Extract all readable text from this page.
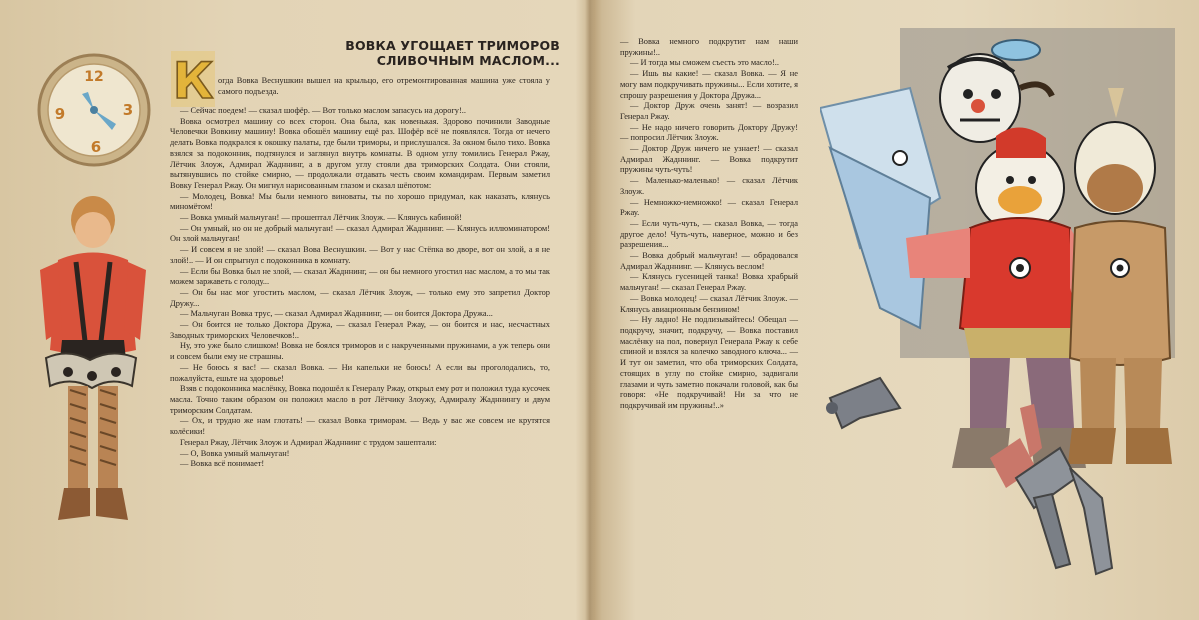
12
3
6
9
К
ВОВКА УГОЩАЕТ ТРИМОРОВ
СЛИВОЧНЫМ МАСЛОМ...
огда Вовка Веснушкин вышел на крыльцо, его отремонтированная машина уже стояла у самого подъезда.

— Сейчас поедем! — сказал шофёр. — Вот только маслом запасусь на дорогу!..

Вовка осмотрел машину со всех сторон. Она была, как новенькая. Здорово починили Заводные Человечки Вовкину машину! Вовка обошёл машину ещё раз. Шофёр всё не появлялся. Тогда от нечего делать Вовка подкрался к окошку палаты, где были триморы, и прислушался. За окном было тихо. Вовка взялся за подоконник, подтянулся и заглянул внутрь комнаты. В одном углу томились Генерал Ржау, Лётчик Злоуж, Адмирал Жадннинг, а в другом углу стояли два триморских Солдата. Они стояли, вытянувшись по стойке смирно, — продолжали отдавать честь своим командирам. Первым заметил Вовку Генерал Ржау. Он мигнул нарисованным глазом и сказал шёпотом:

— Молодец, Вовка! Мы были немного виноваты, ты по хорошо придумал, как наказать, клянусь миномётом!

— Вовка умный мальчуган! — прошептал Лётчик Злоуж. — Клянусь кабиной!

— Он умный, но он не добрый мальчуган! — сказал Адмирал Жадннинг. — Клянусь иллюминатором! Он злой мальчуган!

— И совсем я не злой! — сказал Вова Веснушкин. — Вот у нас Стёпка во дворе, вот он злой, а я не злой!.. — И он спрыгнул с подоконника в комнату.

— Если бы Вовка был не злой, — сказал Жадннинг, — он бы немного угостил нас маслом, а то мы так можем заржаветь с голоду...

— Он бы нас мог угостить маслом, — сказал Лётчик Злоуж, — только ему это запретил Доктор Дружу...

— Мальчуган Вовка трус, — сказал Адмирал Жадннинг, — он боится Доктора Дружа...

— Он боится не только Доктора Дружа, — сказал Генерал Ржау, — он боится и нас, несчастных Заводных триморских Человечков!..

Ну, это уже было слишком! Вовка не боялся триморов и с накрученными пружинами, а уж теперь они и совсем были ему не страшны.

— Не боюсь я вас! — сказал Вовка. — Ни капельки не боюсь! А если вы проголодались, то, пожалуйста, ешьте на здоровье!

Взяв с подоконника маслёнку, Вовка подошёл к Генералу Ржау, открыл ему рот и положил туда кусочек масла. Точно таким образом он положил масло в рот Лётчику Злоужу, Адмиралу Жадннингу и двум триморским Солдатам.

— Ох, и трудно же нам глотать! — сказал Вовка триморам. — Ведь у вас же совсем не крутятся колёсики!

Генерал Ржау, Лётчик Злоуж и Адмирал Жадннинг с трудом зашептали:

— О, Вовка умный мальчуган!

— Вовка всё понимает!

— Вовка немного подкрутит нам наши пружины!..

— И тогда мы сможем съесть это масло!..

— Ишь вы какие! — сказал Вовка. — Я не могу вам подкручивать пружины... Если хотите, я спрошу разрешения у Доктора Дружа...

— Доктор Друж очень занят! — возразил Генерал Ржау.

— Не надо ничего говорить Доктору Дружу! — попросил Лётчик Злоуж.

— Доктор Друж ничего не узнает! — сказал Адмирал Жадннинг. — Вовка подкрутит пружины чуть-чуть!

— Маленько-маленько! — сказал Лётчик Злоуж.

— Немножко-немножко! — сказал Генерал Ржау.

— Если чуть-чуть, — сказал Вовка, — тогда другое дело! Чуть-чуть, наверное, можно и без разрешения...

— Вовка добрый мальчуган! — обрадовался Адмирал Жадннинг. — Клянусь веслом!

— Клянусь гусеницей танка! Вовка храбрый мальчуган! — сказал Генерал Ржау.

— Вовка молодец! — сказал Лётчик Злоуж. — Клянусь авиационным бензином!

— Ну ладно! Не подлизывайтесь! Обещал — подкручу, значит, подкручу, — Вовка поставил маслёнку на пол, повернул Генерала Ржау к себе спиной и взялся за колечко заводного ключа... — И тут он заметил, что оба триморских Солдата, стоящих в углу по стойке смирно, задвигали глазами и чуть заметно покачали головой, как бы говоря: «Не подкручивай! Ни за что не подкручивай им пружины!..»
